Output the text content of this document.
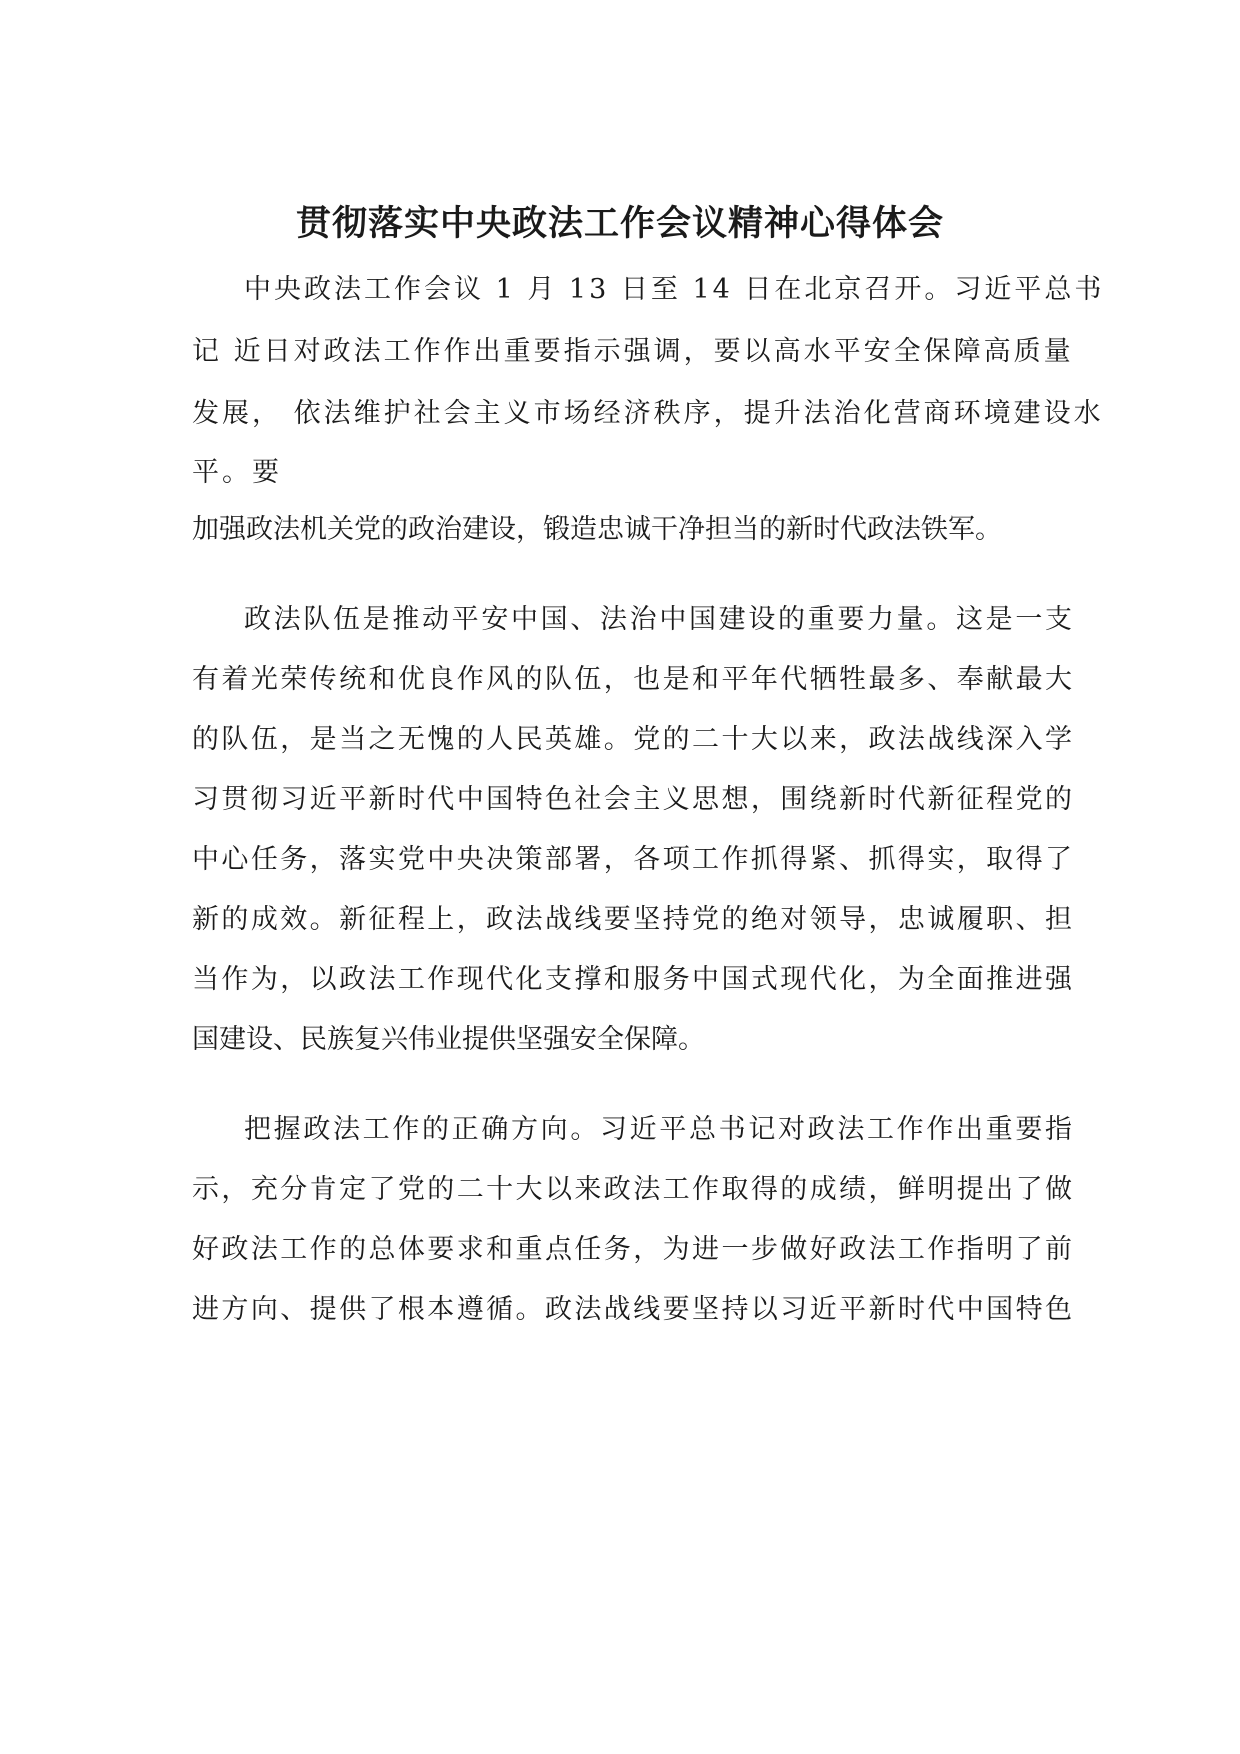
贯彻落实中央政法工作会议精神心得体会

中央政法工作会议 1 月 13 日至 14 日在北京召开。习近平总书

记 近日对政法工作作出重要指示强调，要以高水平安全保障高质量

发展， 依法维护社会主义市场经济秩序，提升法治化营商环境建设水

平。要

加强政法机关党的政治建设，锻造忠诚干净担当的新时代政法铁军。

政法队伍是推动平安中国、法治中国建设的重要力量。这是一支

有着光荣传统和优良作风的队伍，也是和平年代牺牲最多、奉献最大

的队伍，是当之无愧的人民英雄。党的二十大以来，政法战线深入学

习贯彻习近平新时代中国特色社会主义思想，围绕新时代新征程党的

中心任务，落实党中央决策部署，各项工作抓得紧、抓得实，取得了

新的成效。新征程上，政法战线要坚持党的绝对领导，忠诚履职、担

当作为，以政法工作现代化支撑和服务中国式现代化，为全面推进强

国建设、民族复兴伟业提供坚强安全保障。

把握政法工作的正确方向。习近平总书记对政法工作作出重要指

示，充分肯定了党的二十大以来政法工作取得的成绩，鲜明提出了做

好政法工作的总体要求和重点任务，为进一步做好政法工作指明了前

进方向、提供了根本遵循。政法战线要坚持以习近平新时代中国特色
